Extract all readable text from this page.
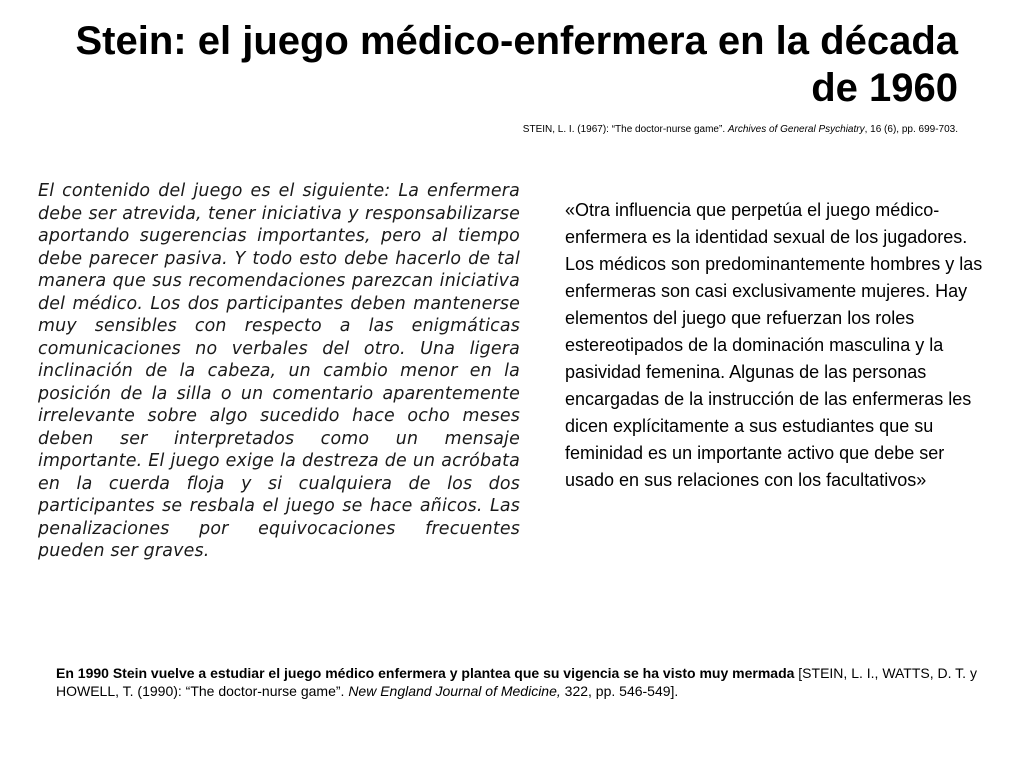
Stein: el juego médico-enfermera en la década de 1960
STEIN, L. I. (1967): “The doctor-nurse game”. Archives of General Psychiatry, 16 (6), pp. 699-703.
El contenido del juego es el siguiente: La enfermera debe ser atrevida, tener iniciativa y responsabilizarse aportando sugerencias importantes, pero al tiempo debe parecer pasiva. Y todo esto debe hacerlo de tal manera que sus recomendaciones parezcan iniciativa del médico. Los dos participantes deben mantenerse muy sensibles con respecto a las enigmáticas comunicaciones no verbales del otro. Una ligera inclinación de la cabeza, un cambio menor en la posición de la silla o un comentario aparentemente irrelevante sobre algo sucedido hace ocho meses deben ser interpretados como un mensaje importante. El juego exige la destreza de un acróbata en la cuerda floja y si cualquiera de los dos participantes se resbala el juego se hace añicos. Las penalizaciones por equivocaciones frecuentes pueden ser graves.
«Otra influencia que perpetúa el juego médico-enfermera es la identidad sexual de los jugadores. Los médicos son predominantemente hombres y las enfermeras son casi exclusivamente mujeres. Hay elementos del juego que refuerzan los roles estereotipados de la dominación masculina y la pasividad femenina. Algunas de las personas encargadas de la instrucción de las enfermeras les dicen explícitamente a sus estudiantes que su feminidad es un importante activo que debe ser usado en sus relaciones con los facultativos»
En 1990 Stein vuelve a estudiar el juego médico enfermera y plantea que su vigencia se ha visto muy mermada [STEIN, L. I., WATTS, D. T. y HOWELL, T. (1990): “The doctor-nurse game”. New England Journal of Medicine, 322, pp. 546-549].
